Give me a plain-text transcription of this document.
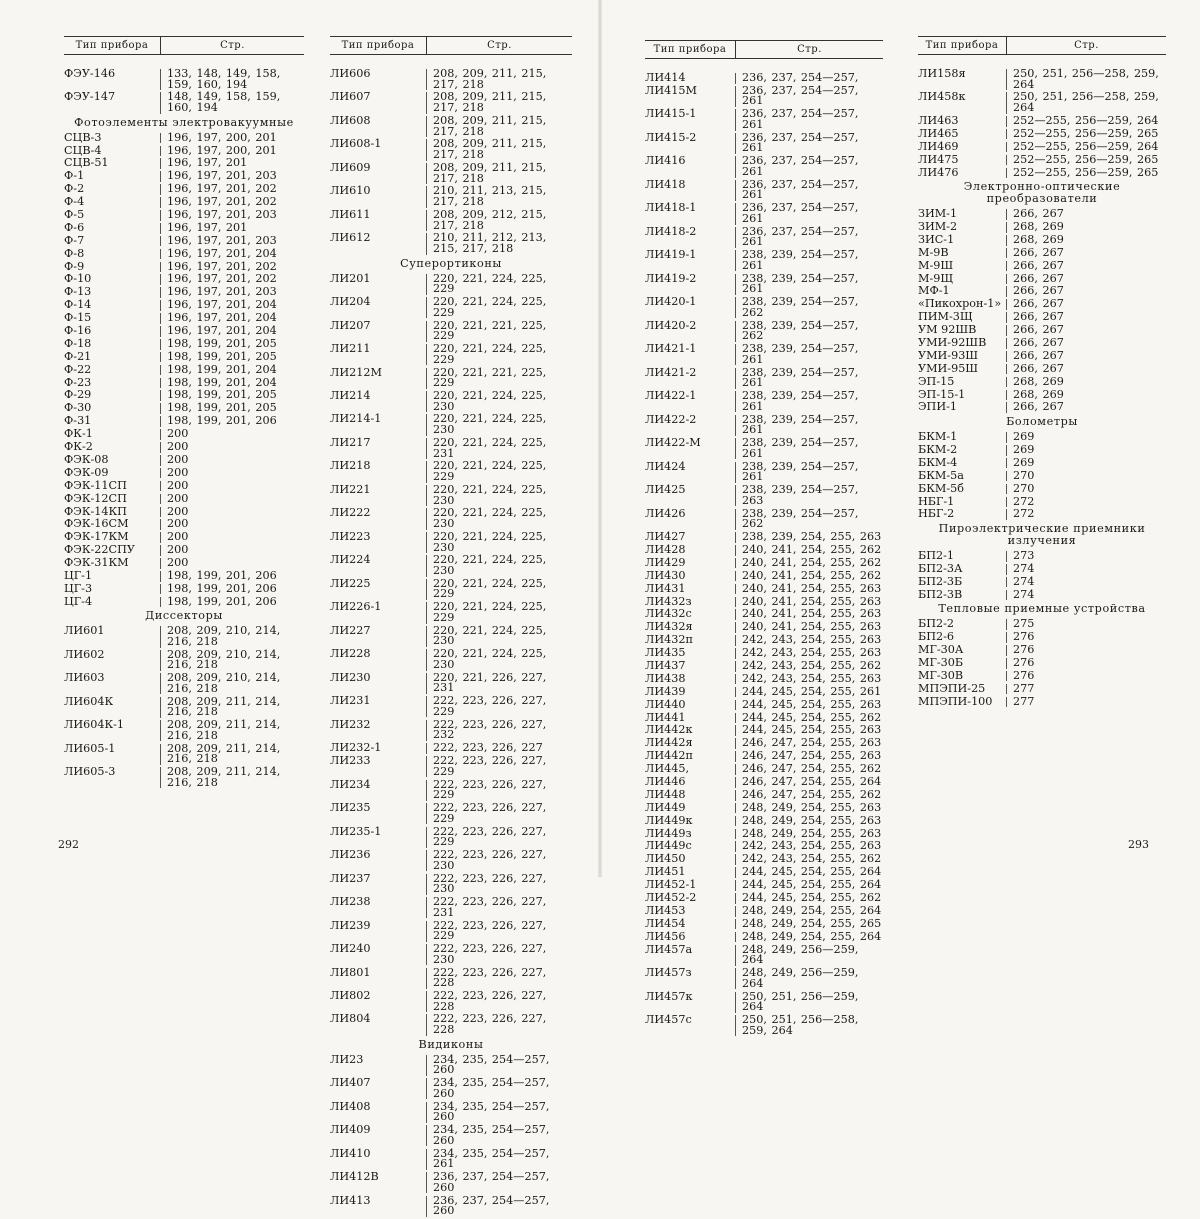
Тип прибора	Стр.
ФЭУ-146	133, 148, 149, 158, 159, 160, 194
ФЭУ-147	148, 149, 158, 159, 160, 194
Фотоэлементы электровакуумные
СЦВ-3	196, 197, 200, 201
СЦВ-4	196, 197, 200, 201
СЦВ-51	196, 197, 201
Ф-1	196, 197, 201, 203
Ф-2	196, 197, 201, 202
Ф-4	196, 197, 201, 202
Ф-5	196, 197, 201, 203
Ф-6	196, 197, 201
Ф-7	196, 197, 201, 203
Ф-8	196, 197, 201, 204
Ф-9	196, 197, 201, 202
Ф-10	196, 197, 201, 202
Ф-13	196, 197, 201, 203
Ф-14	196, 197, 201, 204
Ф-15	196, 197, 201, 204
Ф-16	196, 197, 201, 204
Ф-18	198, 199, 201, 205
Ф-21	198, 199, 201, 205
Ф-22	198, 199, 201, 204
Ф-23	198, 199, 201, 204
Ф-29	198, 199, 201, 205
Ф-30	198, 199, 201, 205
Ф-31	198, 199, 201, 206
ФК-1	200
ФК-2	200
ФЭК-08	200
ФЭК-09	200
ФЭК-11СП	200
ФЭК-12СП	200
ФЭК-14КП	200
ФЭК-16СМ	200
ФЭК-17КМ	200
ФЭК-22СПУ	200
ФЭК-31КМ	200
ЦГ-1	198, 199, 201, 206
ЦГ-3	198, 199, 201, 206
ЦГ-4	198, 199, 201, 206
Диссекторы
ЛИ601	208, 209, 210, 214, 216, 218
ЛИ602	208, 209, 210, 214, 216, 218
ЛИ603	208, 209, 210, 214, 216, 218
ЛИ604К	208, 209, 211, 214, 216, 218
ЛИ604К-1	208, 209, 211, 214, 216, 218
ЛИ605-1	208, 209, 211, 214, 216, 218
ЛИ605-3	208, 209, 211, 214, 216, 218
Тип прибора	Стр.
ЛИ606	208, 209, 211, 215, 217, 218
ЛИ607	208, 209, 211, 215, 217, 218
ЛИ608	208, 209, 211, 215, 217, 218
ЛИ608-1	208, 209, 211, 215, 217, 218
ЛИ609	208, 209, 211, 215, 217, 218
ЛИ610	210, 211, 213, 215, 217, 218
ЛИ611	208, 209, 212, 215, 217, 218
ЛИ612	210, 211, 212, 213, 215, 217, 218
Суперортиконы
ЛИ201	220, 221, 224, 225, 229
ЛИ204	220, 221, 224, 225, 229
ЛИ207	220, 221, 221, 225, 229
ЛИ211	220, 221, 224, 225, 229
ЛИ212М	220, 221, 221, 225, 229
ЛИ214	220, 221, 224, 225, 230
ЛИ214-1	220, 221, 224, 225, 230
ЛИ217	220, 221, 224, 225, 231
ЛИ218	220, 221, 224, 225, 229
ЛИ221	220, 221, 224, 225, 230
ЛИ222	220, 221, 224, 225, 230
ЛИ223	220, 221, 224, 225, 230
ЛИ224	220, 221, 224, 225, 230
ЛИ225	220, 221, 224, 225, 229
ЛИ226-1	220, 221, 224, 225, 229
ЛИ227	220, 221, 224, 225, 230
ЛИ228	220, 221, 224, 225, 230
ЛИ230	220, 221, 226, 227, 231
ЛИ231	222, 223, 226, 227, 229
ЛИ232	222, 223, 226, 227, 232
ЛИ232-1	222, 223, 226, 227
ЛИ233	222, 223, 226, 227, 229
ЛИ234	222, 223, 226, 227, 229
ЛИ235	222, 223, 226, 227, 229
ЛИ235-1	222, 223, 226, 227, 229
ЛИ236	222, 223, 226, 227, 230
ЛИ237	222, 223, 226, 227, 230
ЛИ238	222, 223, 226, 227, 231
ЛИ239	222, 223, 226, 227, 229
ЛИ240	222, 223, 226, 227, 230
ЛИ801	222, 223, 226, 227, 228
ЛИ802	222, 223, 226, 227, 228
ЛИ804	222, 223, 226, 227, 228
Видиконы
ЛИ23	234, 235, 254—257, 260
ЛИ407	234, 235, 254—257, 260
ЛИ408	234, 235, 254—257, 260
ЛИ409	234, 235, 254—257, 260
ЛИ410	234, 235, 254—257, 261
ЛИ412В	236, 237, 254—257, 260
ЛИ413	236, 237, 254—257, 260
292
Тип прибора	Стр.
ЛИ414	236, 237, 254—257,
ЛИ415М	236, 237, 254—257, 261
ЛИ415-1	236, 237, 254—257, 261
ЛИ415-2	236, 237, 254—257, 261
ЛИ416	236, 237, 254—257, 261
ЛИ418	236, 237, 254—257, 261
ЛИ418-1	236, 237, 254—257, 261
ЛИ418-2	236, 237, 254—257, 261
ЛИ419-1	238, 239, 254—257, 261
ЛИ419-2	238, 239, 254—257, 261
ЛИ420-1	238, 239, 254—257, 262
ЛИ420-2	238, 239, 254—257, 262
ЛИ421-1	238, 239, 254—257, 261
ЛИ421-2	238, 239, 254—257, 261
ЛИ422-1	238, 239, 254—257, 261
ЛИ422-2	238, 239, 254—257, 261
ЛИ422-М	238, 239, 254—257, 261
ЛИ424	238, 239, 254—257, 261
ЛИ425	238, 239, 254—257, 263
ЛИ426	238, 239, 254—257, 262
ЛИ427	238, 239, 254, 255, 263
ЛИ428	240, 241, 254, 255, 262
ЛИ429	240, 241, 254, 255, 262
ЛИ430	240, 241, 254, 255, 262
ЛИ431	240, 241, 254, 255, 263
ЛИ432з	240, 241, 254, 255, 263
ЛИ432с	240, 241, 254, 255, 263
ЛИ432я	240, 241, 254, 255, 263
ЛИ432п	242, 243, 254, 255, 263
ЛИ435	242, 243, 254, 255, 263
ЛИ437	242, 243, 254, 255, 262
ЛИ438	242, 243, 254, 255, 263
ЛИ439	244, 245, 254, 255, 261
ЛИ440	244, 245, 254, 255, 263
ЛИ441	244, 245, 254, 255, 262
ЛИ442к	244, 245, 254, 255, 263
ЛИ442я	246, 247, 254, 255, 263
ЛИ442п	246, 247, 254, 255, 263
ЛИ445,	246, 247, 254, 255, 262
ЛИ446	246, 247, 254, 255, 264
ЛИ448	246, 247, 254, 255, 262
ЛИ449	248, 249, 254, 255, 263
ЛИ449к	248, 249, 254, 255, 263
ЛИ449з	248, 249, 254, 255, 263
ЛИ449с	242, 243, 254, 255, 263
ЛИ450	242, 243, 254, 255, 262
ЛИ451	244, 245, 254, 255, 264
ЛИ452-1	244, 245, 254, 255, 264
ЛИ452-2	244, 245, 254, 255, 262
ЛИ453	248, 249, 254, 255, 264
ЛИ454	248, 249, 254, 255, 265
ЛИ456	248, 249, 254, 255, 264
ЛИ457а	248, 249, 256—259, 264
ЛИ457з	248, 249, 256—259, 264
ЛИ457к	250, 251, 256—259, 264
ЛИ457с	250, 251, 256—258, 259, 264
Тип прибора	Стр.
ЛИ158я	250, 251, 256—258, 259, 264
ЛИ458к	250, 251, 256—258, 259, 264
ЛИ463	252—255, 256—259, 264
ЛИ465	252—255, 256—259, 265
ЛИ469	252—255, 256—259, 264
ЛИ475	252—255, 256—259, 265
ЛИ476	252—255, 256—259, 265
Электронно-оптические преобразователи
ЗИМ-1	266, 267
ЗИМ-2	268, 269
ЗИС-1	268, 269
М-9В	266, 267
М-9Ш	266, 267
М-9Щ	266, 267
МФ-1	266, 267
«Пикохрон-1»	266, 267
ПИМ-3Щ	266, 267
УМ 92ШВ	266, 267
УМИ-92ШВ	266, 267
УМИ-93Ш	266, 267
УМИ-95Ш	266, 267
ЭП-15	268, 269
ЭП-15-1	268, 269
ЭПИ-1	266, 267
Болометры
БКМ-1	269
БКМ-2	269
БКМ-4	269
БКМ-5а	270
БКМ-5б	270
НБГ-1	272
НБГ-2	272
Пироэлектрические приемники излучения
БП2-1	273
БП2-3А	274
БП2-3Б	274
БП2-3В	274
Тепловые приемные устройства
БП2-2	275
БП2-6	276
МГ-30А	276
МГ-30Б	276
МГ-30В	276
МПЭПИ-25	277
МПЭПИ-100	277
293
